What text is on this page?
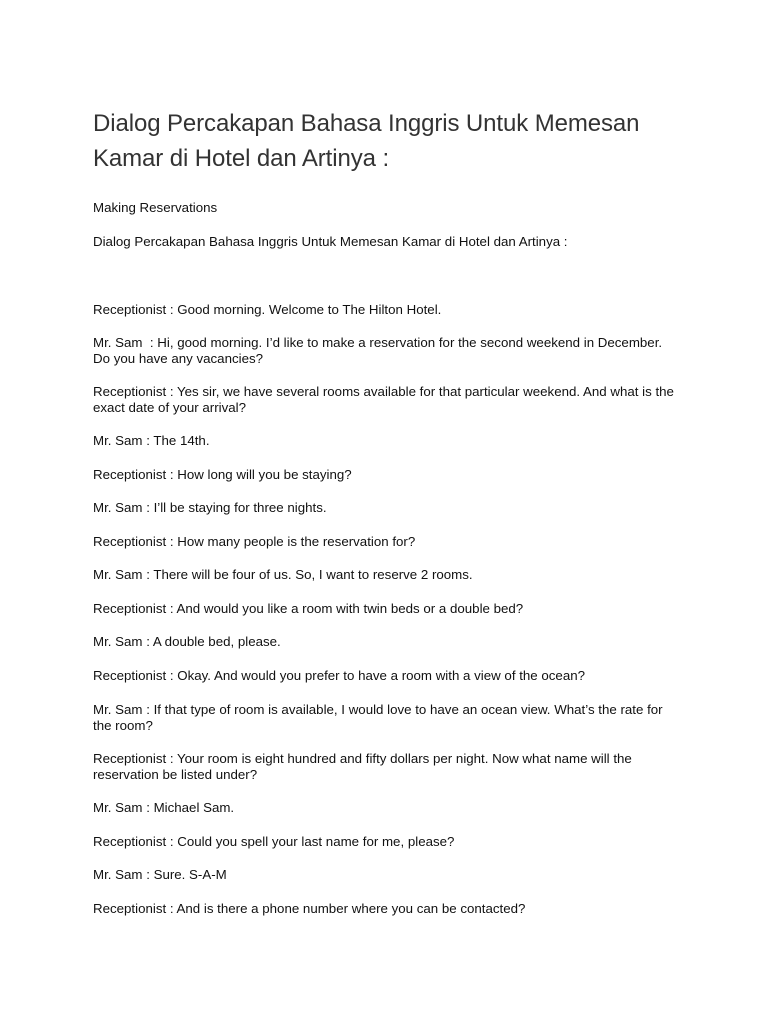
Dialog Percakapan Bahasa Inggris Untuk Memesan Kamar di Hotel dan Artinya :

Making Reservations

Dialog Percakapan Bahasa Inggris Untuk Memesan Kamar di Hotel dan Artinya :

Receptionist : Good morning. Welcome to The Hilton Hotel.

Mr. Sam  : Hi, good morning. I’d like to make a reservation for the second weekend in December. Do you have any vacancies?

Receptionist : Yes sir, we have several rooms available for that particular weekend. And what is the exact date of your arrival?

Mr. Sam : The 14th.

Receptionist : How long will you be staying?

Mr. Sam : I’ll be staying for three nights.

Receptionist : How many people is the reservation for?

Mr. Sam : There will be four of us. So, I want to reserve 2 rooms.

Receptionist : And would you like a room with twin beds or a double bed?

Mr. Sam : A double bed, please.

Receptionist : Okay. And would you prefer to have a room with a view of the ocean?

Mr. Sam : If that type of room is available, I would love to have an ocean view. What’s the rate for the room?

Receptionist : Your room is eight hundred and fifty dollars per night. Now what name will the reservation be listed under?

Mr. Sam : Michael Sam.

Receptionist : Could you spell your last name for me, please?

Mr. Sam : Sure. S-A-M

Receptionist : And is there a phone number where you can be contacted?
